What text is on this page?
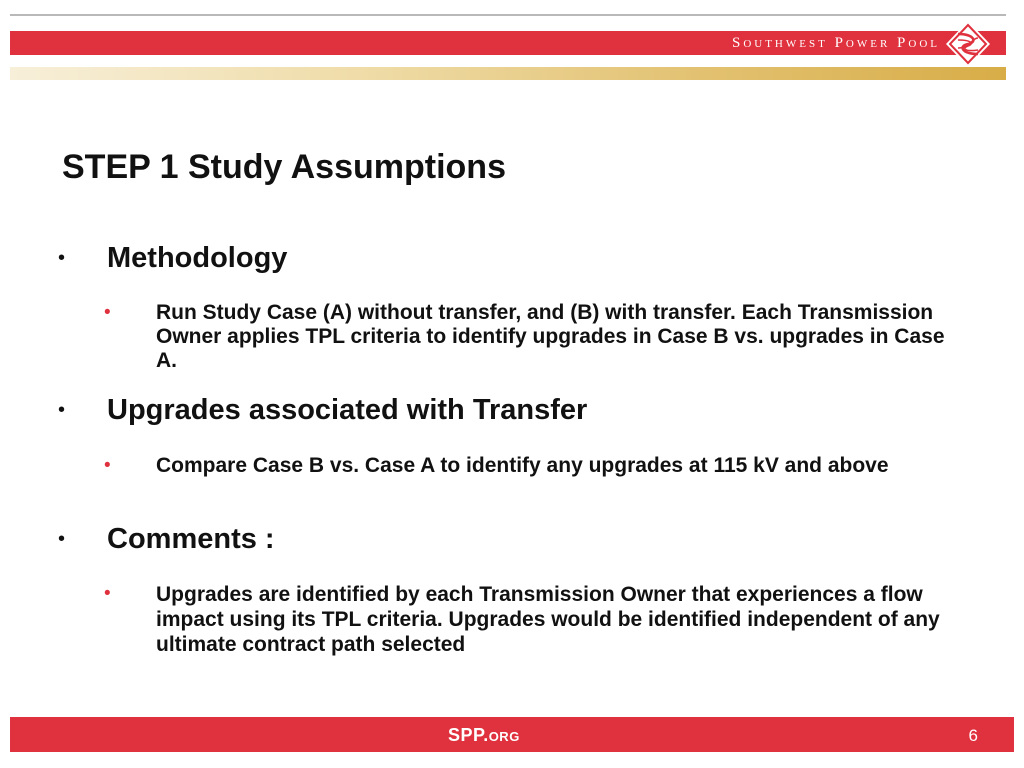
Southwest Power Pool
STEP 1 Study Assumptions
• Methodology
• Run Study Case (A) without transfer, and (B) with transfer. Each Transmission Owner applies TPL criteria to identify upgrades in Case B vs. upgrades in Case A.
• Upgrades associated with Transfer
• Compare Case B vs. Case A to identify any upgrades at 115 kV and above
• Comments :
• Upgrades are identified by each Transmission Owner that experiences a flow impact using its TPL criteria. Upgrades would be identified independent of any ultimate contract path selected
SPP.org	6
